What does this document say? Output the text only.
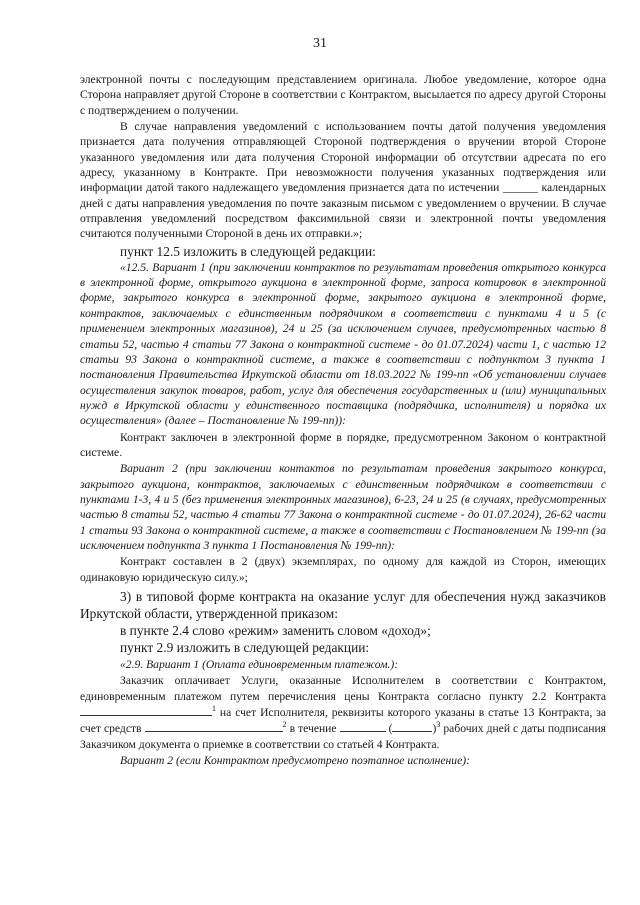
31

электронной почты с последующим представлением оригинала. Любое уведомление, которое одна Сторона направляет другой Стороне в соответствии с Контрактом, высылается по адресу другой Стороны с подтверждением о получении.

В случае направления уведомлений с использованием почты датой получения уведомления признается дата получения отправляющей Стороной подтверждения о вручении второй Стороне указанного уведомления или дата получения Стороной информации об отсутствии адресата по его адресу, указанному в Контракте. При невозможности получения указанных подтверждения или информации датой такого надлежащего уведомления признается дата по истечении ______ календарных дней с даты направления уведомления по почте заказным письмом с уведомлением о вручении. В случае отправления уведомлений посредством факсимильной связи и электронной почты уведомления считаются полученными Стороной в день их отправки.»;

пункт 12.5 изложить в следующей редакции:

«12.5. Вариант 1 (при заключении контрактов по результатам проведения открытого конкурса в электронной форме, открытого аукциона в электронной форме, запроса котировок в электронной форме, закрытого конкурса в электронной форме, закрытого аукциона в электронной форме, контрактов, заключаемых с единственным подрядчиком в соответствии с пунктами 4 и 5 (с применением электронных магазинов), 24 и 25 (за исключением случаев, предусмотренных частью 8 статьи 52, частью 4 статьи 77 Закона о контрактной системе - до 01.07.2024) части 1, с частью 12 статьи 93 Закона о контрактной системе, а также в соответствии с подпунктом 3 пункта 1 постановления Правительства Иркутской области от 18.03.2022 № 199-пп «Об установлении случаев осуществления закупок товаров, работ, услуг для обеспечения государственных и (или) муниципальных нужд в Иркутской области у единственного поставщика (подрядчика, исполнителя) и порядка их осуществления» (далее – Постановление № 199-пп)):

Контракт заключен в электронной форме в порядке, предусмотренном Законом о контрактной системе.

Вариант 2 (при заключении контактов по результатам проведения закрытого конкурса, закрытого аукциона, контрактов, заключаемых с единственным подрядчиком в соответствии с пунктами 1-3, 4 и 5 (без применения электронных магазинов), 6-23, 24 и 25 (в случаях, предусмотренных частью 8 статьи 52, частью 4 статьи 77 Закона о контрактной системе - до 01.07.2024), 26-62 части 1 статьи 93 Закона о контрактной системе, а также в соответствии с Постановлением № 199-пп (за исключением подпункта 3 пункта 1 Постановления № 199-пп):

Контракт составлен в 2 (двух) экземплярах, по одному для каждой из Сторон, имеющих одинаковую юридическую силу.»;

3) в типовой форме контракта на оказание услуг для обеспечения нужд заказчиков Иркутской области, утвержденной приказом:

в пункте 2.4 слово «режим» заменить словом «доход»;

пункт 2.9 изложить в следующей редакции:

«2.9. Вариант 1 (Оплата единовременным платежом.):

Заказчик оплачивает Услуги, оказанные Исполнителем в соответствии с Контрактом, единовременным платежом путем перечисления цены Контракта согласно пункту 2.2 Контракта $^1$ на счет Исполнителя, реквизиты которого указаны в статье 13 Контракта, за счет средств	$^2$ в течение	(	)$^3$ рабочих дней с даты подписания Заказчиком документа о приемке в соответствии со статьей 4 Контракта.

Вариант 2 (если Контрактом предусмотрено поэтапное исполнение):
